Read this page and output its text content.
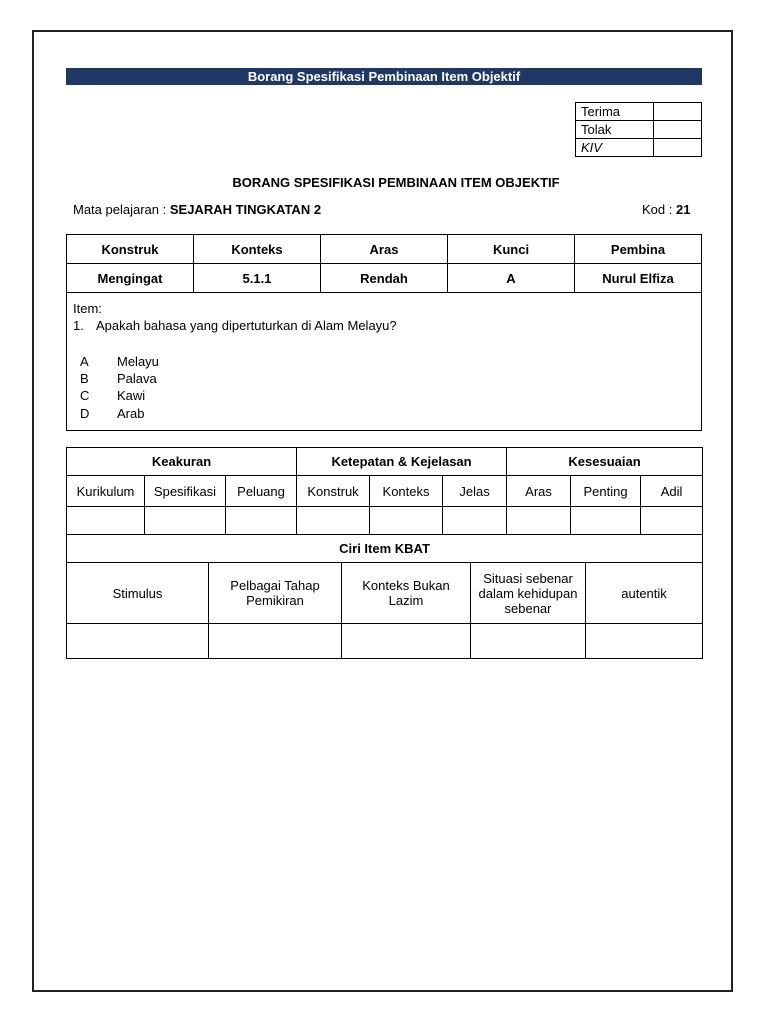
Borang Spesifikasi Pembinaan Item Objektif
Terima	
Tolak	
KIV	
BORANG SPESIFIKASI PEMBINAAN ITEM OBJEKTIF
Mata pelajaran : SEJARAH TINGKATAN 2	Kod : 21
Konstruk	Konteks	Aras	Kunci	Pembina
Mengingat	5.1.1	Rendah	A	Nurul Elfiza
Item:
1. Apakah bahasa yang dipertuturkan di Alam Melayu?
A Melayu
B Palava
C Kawi
D Arab
Keakuran			Ketepatan & Kejelasan			Kesesuaian		
Kurikulum	Spesifikasi	Peluang	Konstruk	Konteks	Jelas	Aras	Penting	Adil

Ciri Item KBAT				
Stimulus	Pelbagai Tahap Pemikiran	Konteks Bukan Lazim	Situasi sebenar dalam kehidupan sebenar	autentik
